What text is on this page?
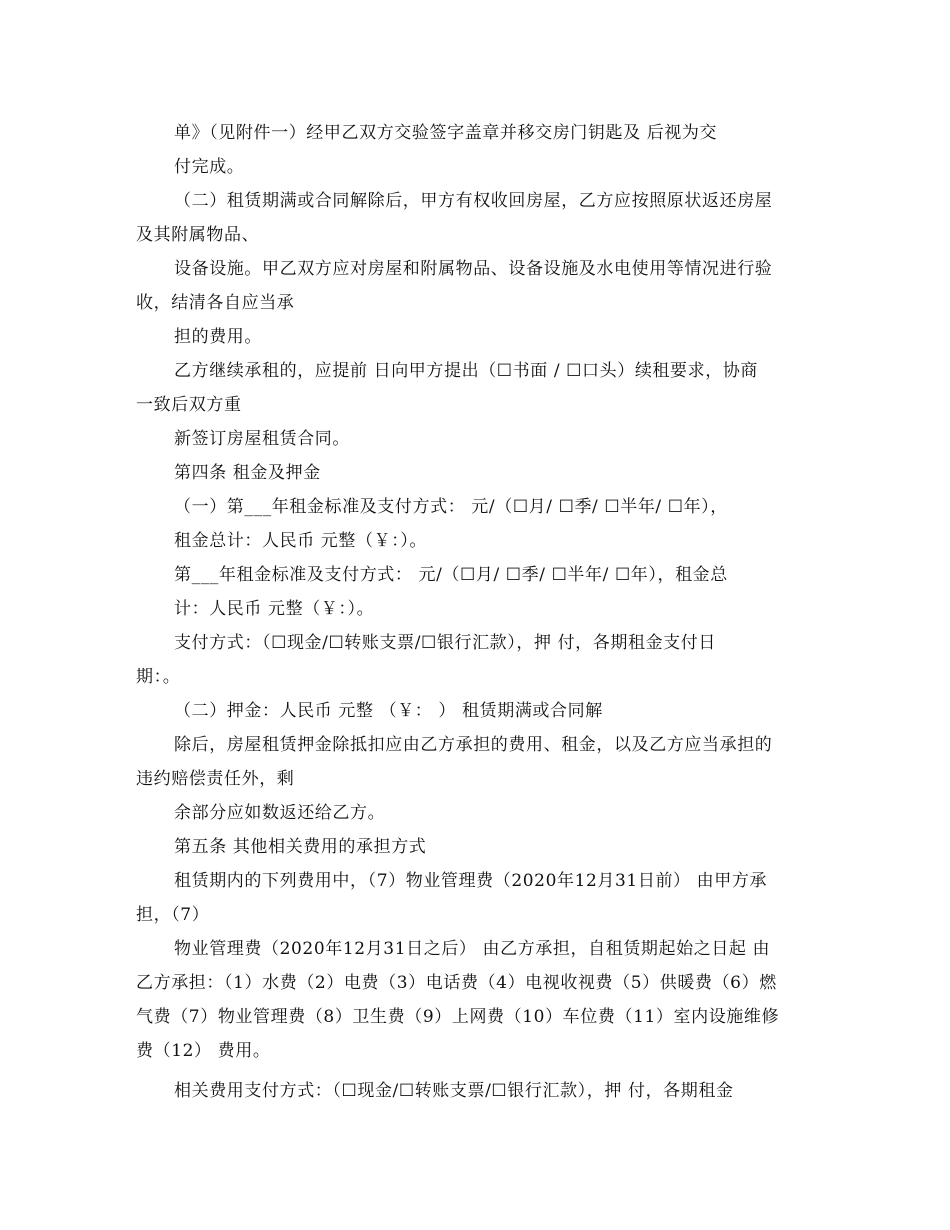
单》（见附件一）经甲乙双方交验签字盖章并移交房门钥匙及 后视为交
付完成。
（二）租赁期满或合同解除后，甲方有权收回房屋，乙方应按照原状返还房屋
及其附属物品、
设备设施。甲乙双方应对房屋和附属物品、设备设施及水电使用等情况进行验
收，结清各自应当承
担的费用。
乙方继续承租的，应提前 日向甲方提出（☐书面 / ☐口头）续租要求，协商
一致后双方重
新签订房屋租赁合同。
第四条 租金及押金
（一）第___年租金标准及支付方式： 元/（☐月/ ☐季/ ☐半年/ ☐年），
租金总计：人民币 元整（￥：）。
第___年租金标准及支付方式： 元/（☐月/ ☐季/ ☐半年/ ☐年），租金总
计：人民币 元整（￥：）。
支付方式：（☐现金/☐转账支票/☐银行汇款），押 付，各期租金支付日
期：。
（二）押金：人民币 元整 （￥： ） 租赁期满或合同解
除后，房屋租赁押金除抵扣应由乙方承担的费用、租金，以及乙方应当承担的
违约赔偿责任外，剩
余部分应如数返还给乙方。
第五条 其他相关费用的承担方式
租赁期内的下列费用中，（7）物业管理费（2020年12月31日前） 由甲方承
担，（7）
物业管理费（2020年12月31日之后） 由乙方承担，自租赁期起始之日起 由
乙方承担：（1）水费（2）电费（3）电话费（4）电视收视费（5）供暖费（6）燃
气费（7）物业管理费（8）卫生费（9）上网费（10）车位费（11）室内设施维修
费（12） 费用。
相关费用支付方式：（☐现金/☐转账支票/☐银行汇款），押 付，各期租金
